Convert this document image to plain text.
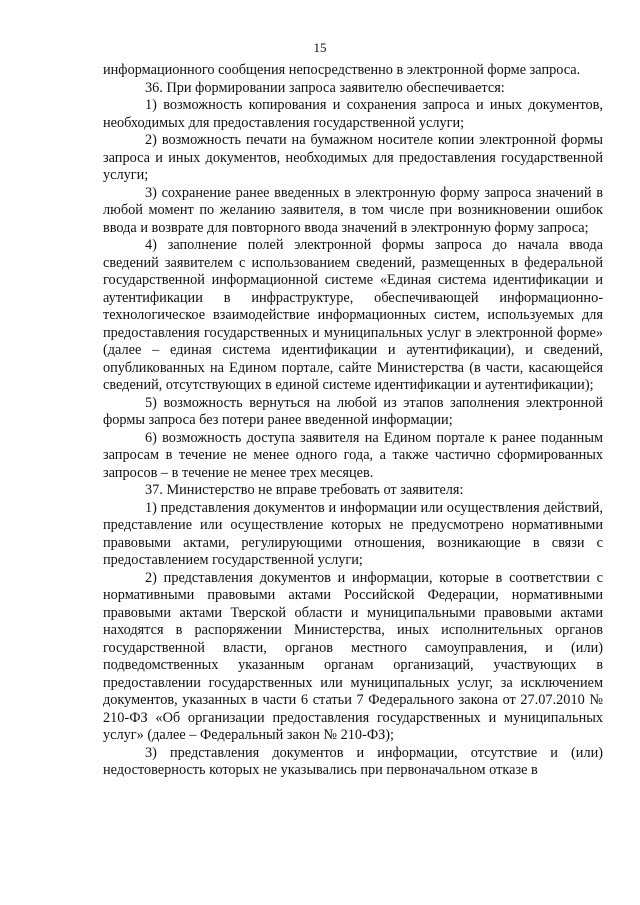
15

информационного сообщения непосредственно в электронной форме запроса.

36. При формировании запроса заявителю обеспечивается:

1) возможность копирования и сохранения запроса и иных документов, необходимых для предоставления государственной услуги;

2) возможность печати на бумажном носителе копии электронной формы запроса и иных документов, необходимых для предоставления государственной услуги;

3) сохранение ранее введенных в электронную форму запроса значений в любой момент по желанию заявителя, в том числе при возникновении ошибок ввода и возврате для повторного ввода значений в электронную форму запроса;

4) заполнение полей электронной формы запроса до начала ввода сведений заявителем с использованием сведений, размещенных в федеральной государственной информационной системе «Единая система идентификации и аутентификации в инфраструктуре, обеспечивающей информационно-технологическое взаимодействие информационных систем, используемых для предоставления государственных и муниципальных услуг в электронной форме» (далее – единая система идентификации и аутентификации), и сведений, опубликованных на Едином портале, сайте Министерства (в части, касающейся сведений, отсутствующих в единой системе идентификации и аутентификации);

5) возможность вернуться на любой из этапов заполнения электронной формы запроса без потери ранее введенной информации;

6) возможность доступа заявителя на Едином портале к ранее поданным запросам в течение не менее одного года, а также частично сформированных запросов – в течение не менее трех месяцев.

37. Министерство не вправе требовать от заявителя:

1) представления документов и информации или осуществления действий, представление или осуществление которых не предусмотрено нормативными правовыми актами, регулирующими отношения, возникающие в связи с предоставлением государственной услуги;

2) представления документов и информации, которые в соответствии с нормативными правовыми актами Российской Федерации, нормативными правовыми актами Тверской области и муниципальными правовыми актами находятся в распоряжении Министерства, иных исполнительных органов государственной власти, органов местного самоуправления, и (или) подведомственных указанным органам организаций, участвующих в предоставлении государственных или муниципальных услуг, за исключением документов, указанных в части 6 статьи 7 Федерального закона от 27.07.2010 № 210-ФЗ «Об организации предоставления государственных и муниципальных услуг» (далее – Федеральный закон № 210-ФЗ);

3) представления документов и информации, отсутствие и (или) недостоверность которых не указывались при первоначальном отказе в
